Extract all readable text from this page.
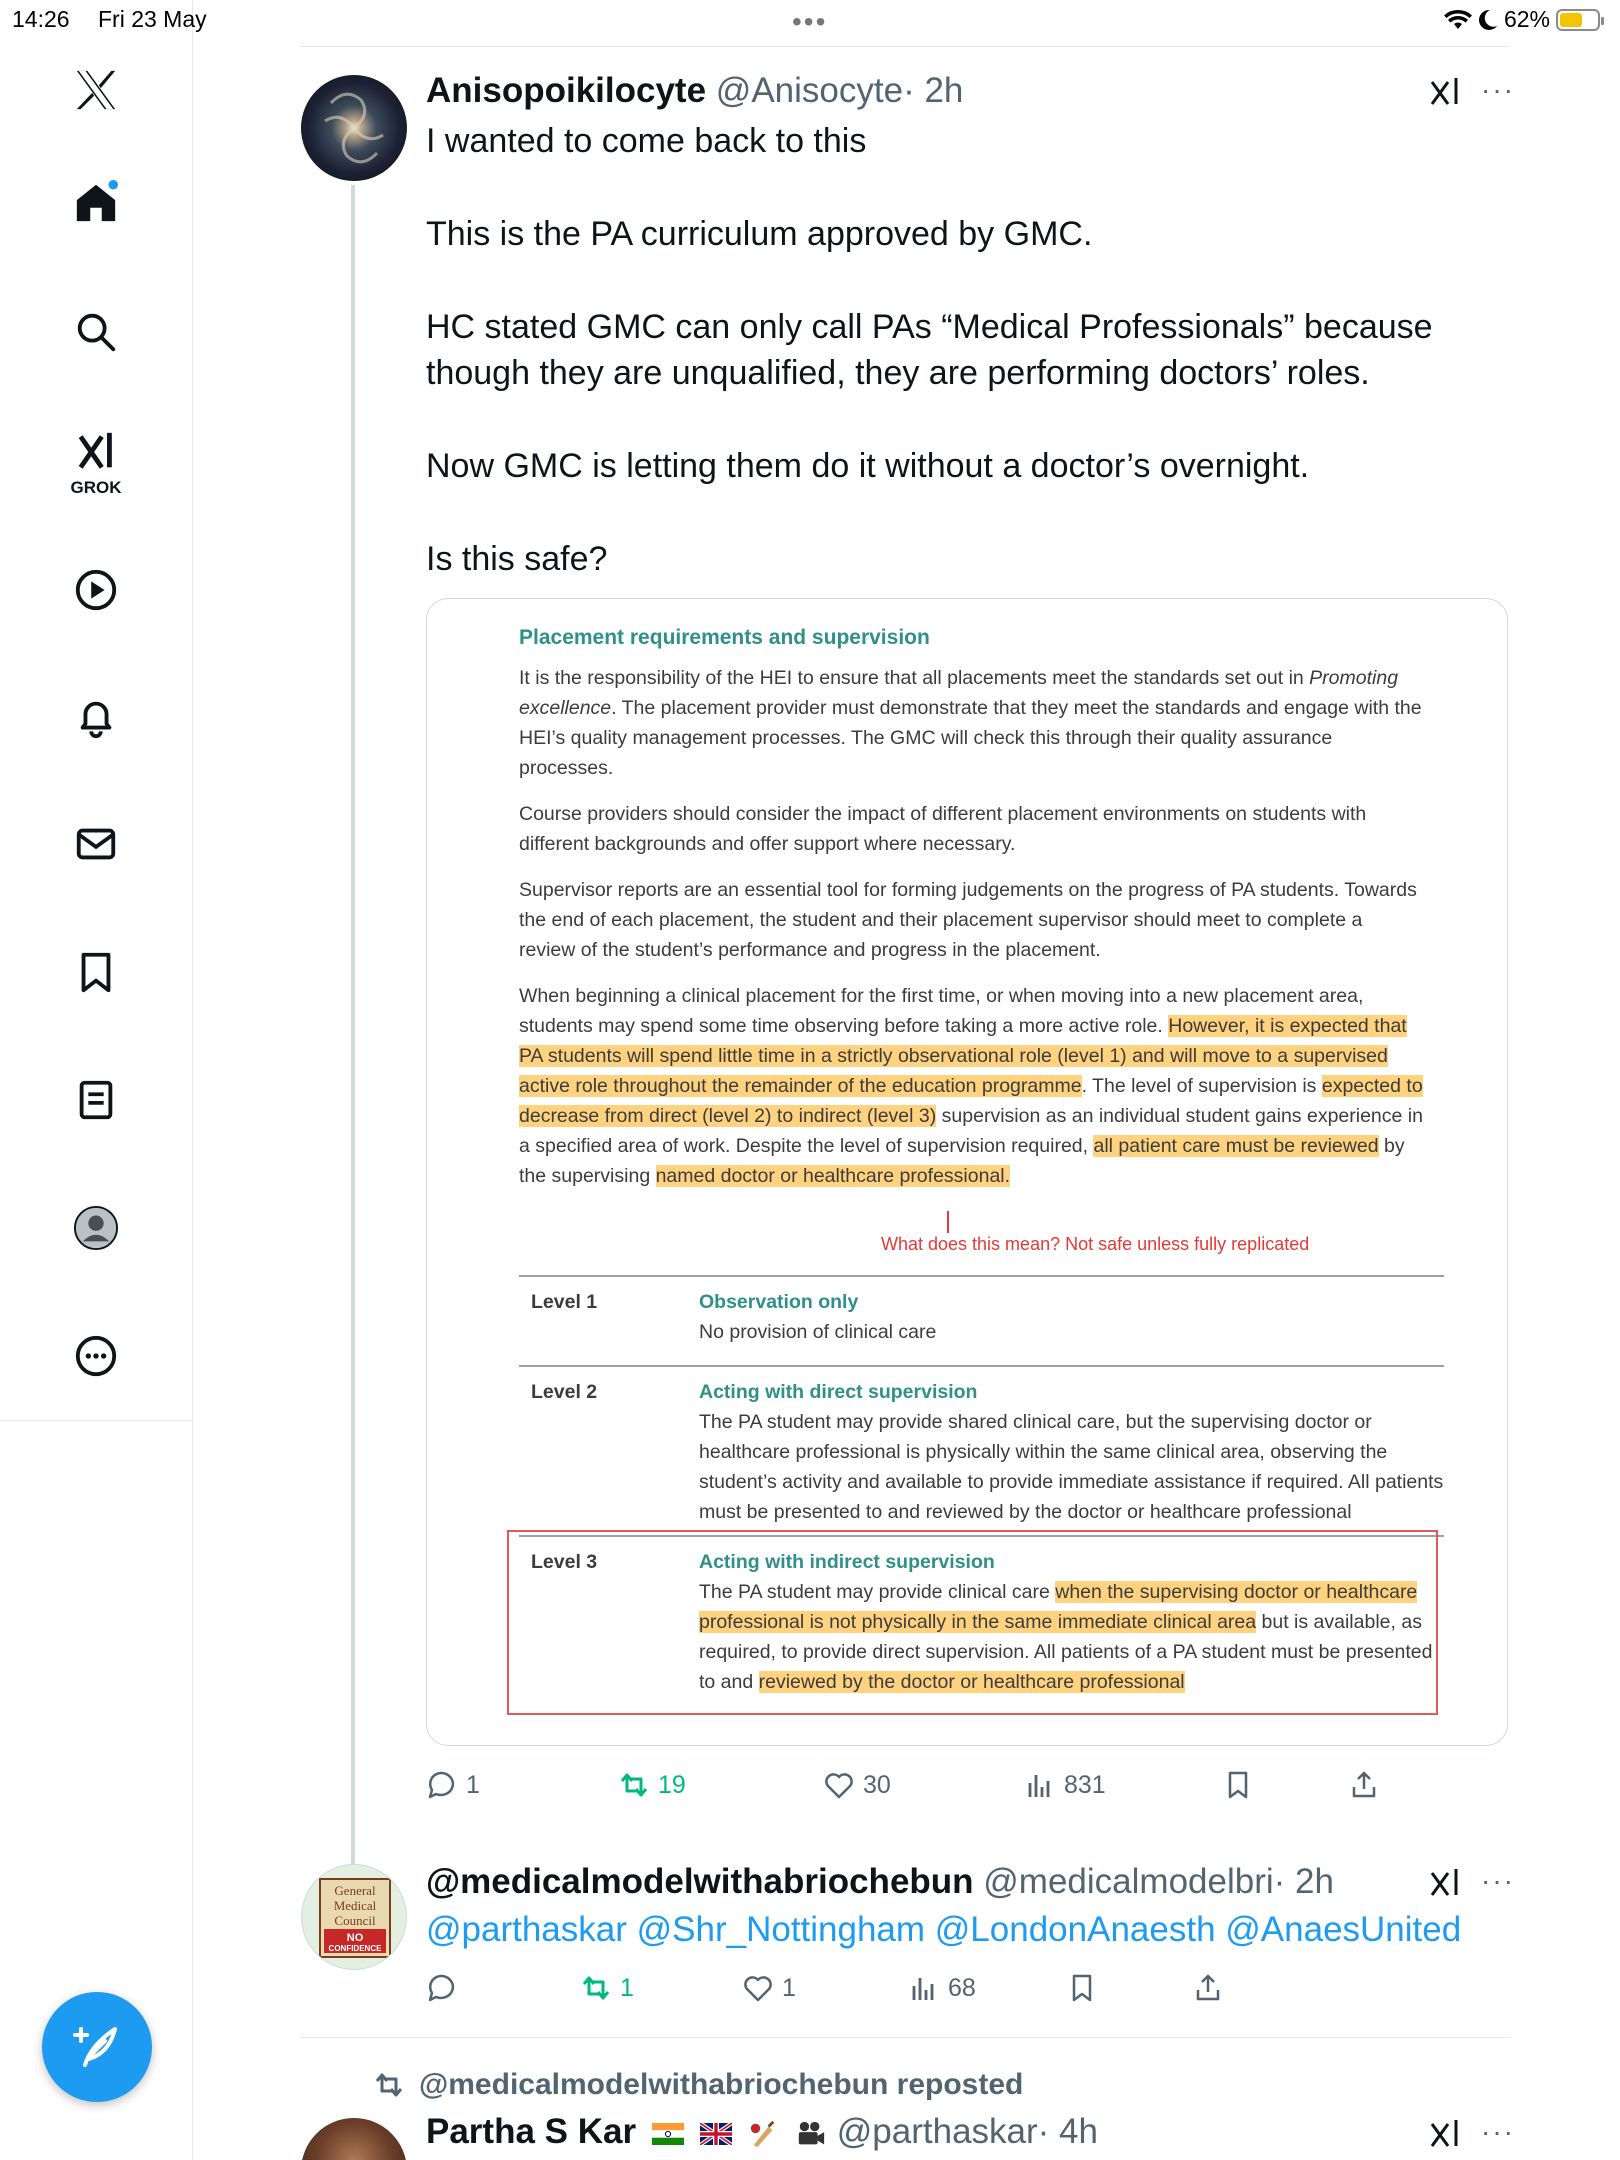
14:26 Fri 23 May	62%
•••
GROK
Anisopoikilocyte @Anisocyte· 2h	···

I wanted to come back to this

This is the PA curriculum approved by GMC.

HC stated GMC can only call PAs “Medical Professionals” because though they are unqualified, they are performing doctors’ roles.

Now GMC is letting them do it without a doctor’s overnight.

Is this safe?

Placement requirements and supervision

It is the responsibility of the HEI to ensure that all placements meet the standards set out in Promoting excellence. The placement provider must demonstrate that they meet the standards and engage with the HEI’s quality management processes. The GMC will check this through their quality assurance processes.

Course providers should consider the impact of different placement environments on students with different backgrounds and offer support where necessary.

Supervisor reports are an essential tool for forming judgements on the progress of PA students. Towards the end of each placement, the student and their placement supervisor should meet to complete a review of the student’s performance and progress in the placement.

When beginning a clinical placement for the first time, or when moving into a new placement area, students may spend some time observing before taking a more active role. However, it is expected that PA students will spend little time in a strictly observational role (level 1) and will move to a supervised active role throughout the remainder of the education programme. The level of supervision is expected to decrease from direct (level 2) to indirect (level 3) supervision as an individual student gains experience in a specified area of work. Despite the level of supervision required, all patient care must be reviewed by the supervising named doctor or healthcare professional.

What does this mean? Not safe unless fully replicated
Level 1	Observation only
No provision of clinical care
Level 2	Acting with direct supervision
The PA student may provide shared clinical care, but the supervising doctor or healthcare professional is physically within the same clinical area, observing the student’s activity and available to provide immediate assistance if required. All patients must be presented to and reviewed by the doctor or healthcare professional
Level 3	Acting with indirect supervision
The PA student may provide clinical care when the supervising doctor or healthcare professional is not physically in the same immediate clinical area but is available, as required, to provide direct supervision. All patients of a PA student must be presented to and reviewed by the doctor or healthcare professional
1	19	30	831
General
Medical
Council
NO
CONFIDENCE
@medicalmodelwithabriochebun @medicalmodelbri· 2h	···
@parthaskar @Shr_Nottingham @LondonAnaesth @AnaesUnited
1	1	68
@medicalmodelwithabriochebun reposted
Partha S Kar	@parthaskar· 4h	···
